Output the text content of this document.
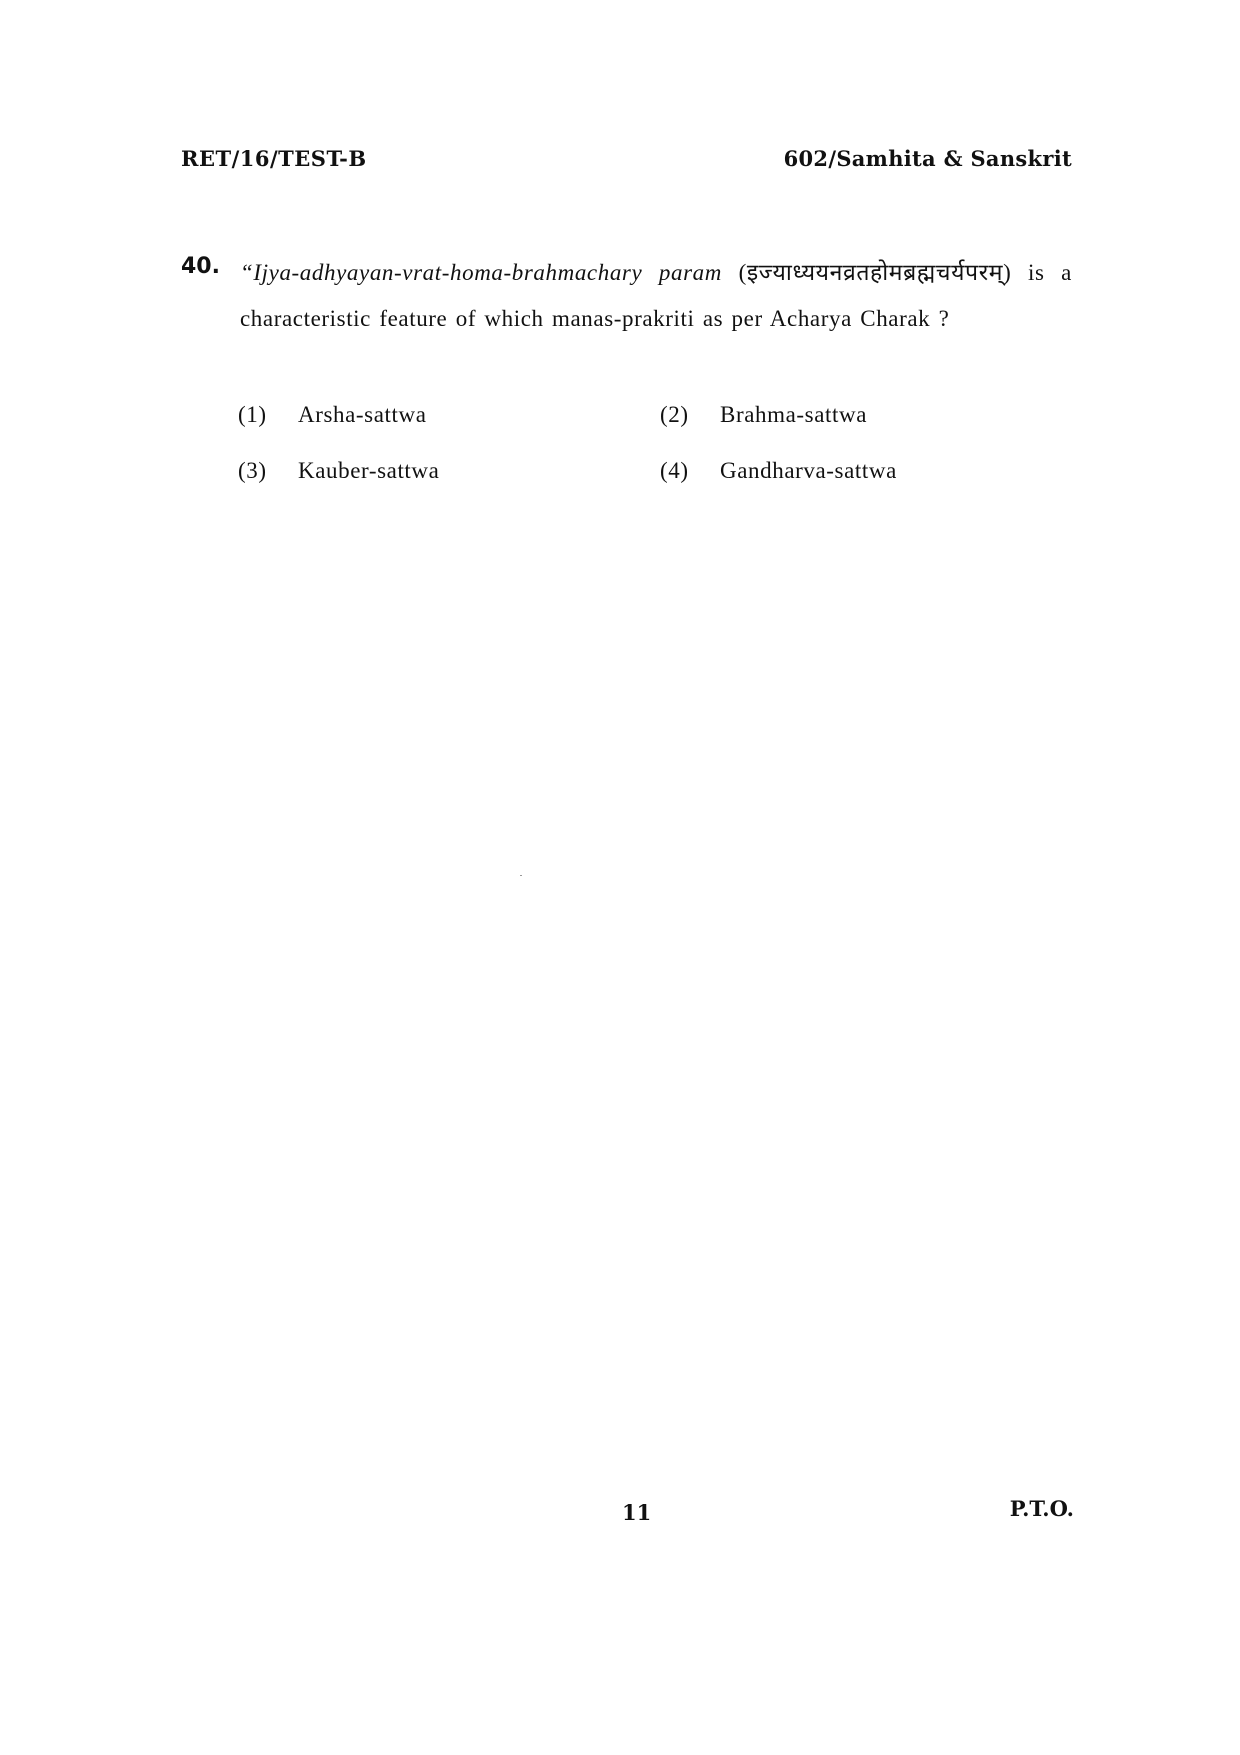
RET/16/TEST-B	602/Samhita & Sanskrit
40. “Ijya-adhyayan-vrat-homa-brahmachary param (इज्याध्ययनव्रतहोमब्रह्मचर्यपरम्) is a characteristic feature of which manas-prakriti as per Acharya Charak ?
(1) Arsha-sattwa	(2) Brahma-sattwa
(3) Kauber-sattwa	(4) Gandharva-sattwa
11	P.T.O.
